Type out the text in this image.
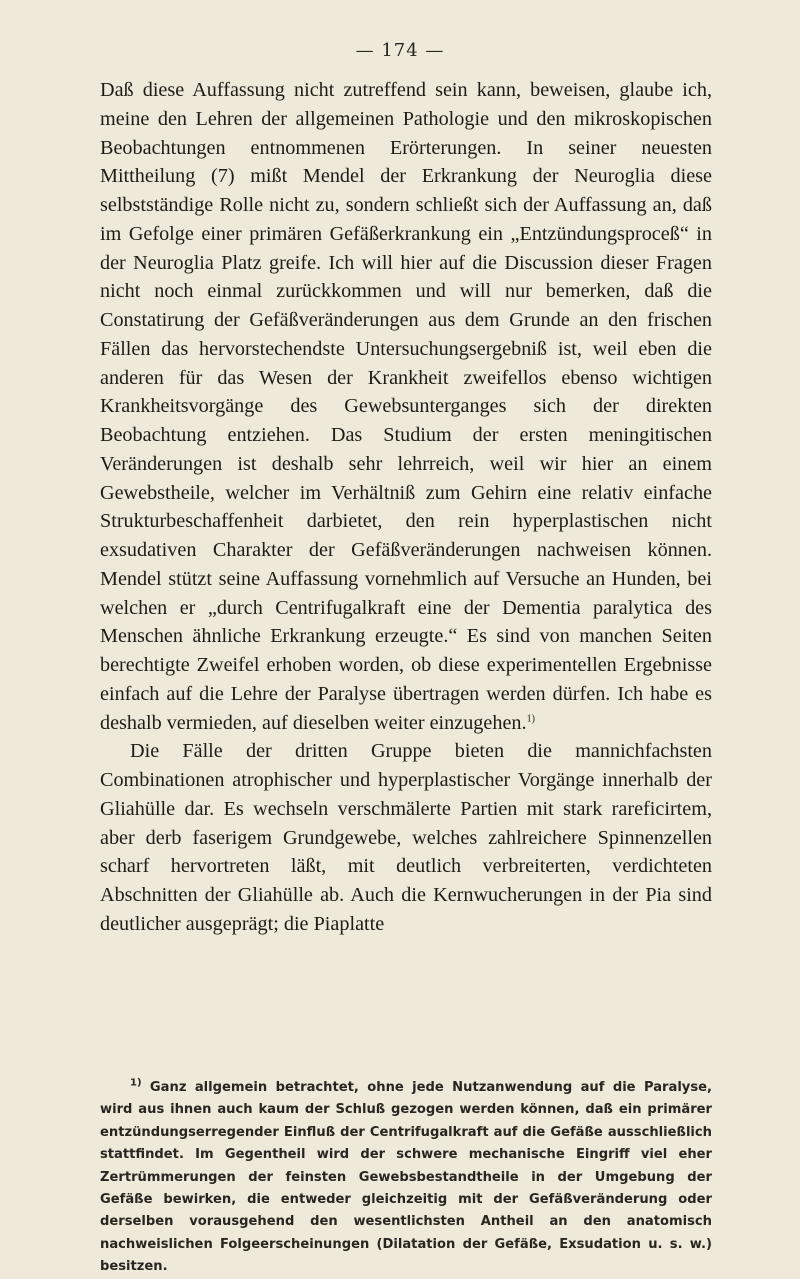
— 174 —

Daß diese Auffassung nicht zutreffend sein kann, beweisen, glaube ich, meine den Lehren der allgemeinen Pathologie und den mikroskopischen Beobachtungen entnommenen Erörterungen. In seiner neuesten Mittheilung (7) mißt Mendel der Erkrankung der Neuroglia diese selbstständige Rolle nicht zu, sondern schließt sich der Auffassung an, daß im Gefolge einer primären Gefäßerkrankung ein „Entzündungsproceß“ in der Neuroglia Platz greife. Ich will hier auf die Discussion dieser Fragen nicht noch einmal zurückkommen und will nur bemerken, daß die Constatirung der Gefäßveränderungen aus dem Grunde an den frischen Fällen das hervorstechendste Untersuchungsergebniß ist, weil eben die anderen für das Wesen der Krankheit zweifellos ebenso wichtigen Krankheitsvorgänge des Gewebsunterganges sich der direkten Beobachtung entziehen. Das Studium der ersten meningitischen Veränderungen ist deshalb sehr lehrreich, weil wir hier an einem Gewebstheile, welcher im Verhältniß zum Gehirn eine relativ einfache Strukturbeschaffenheit darbietet, den rein hyperplastischen nicht exsudativen Charakter der Gefäßveränderungen nachweisen können. Mendel stützt seine Auffassung vornehmlich auf Versuche an Hunden, bei welchen er „durch Centrifugalkraft eine der Dementia paralytica des Menschen ähnliche Erkrankung erzeugte.“ Es sind von manchen Seiten berechtigte Zweifel erhoben worden, ob diese experimentellen Ergebnisse einfach auf die Lehre der Paralyse übertragen werden dürfen. Ich habe es deshalb vermieden, auf dieselben weiter einzugehen.$^{1)}$

Die Fälle der dritten Gruppe bieten die mannichfachsten Combinationen atrophischer und hyperplastischer Vorgänge innerhalb der Gliahülle dar. Es wechseln verschmälerte Partien mit stark rareficirtem, aber derb faserigem Grundgewebe, welches zahlreichere Spinnenzellen scharf hervortreten läßt, mit deutlich verbreiterten, verdichteten Abschnitten der Gliahülle ab. Auch die Kernwucherungen in der Pia sind deutlicher ausgeprägt; die Piaplatte

$^{1)}$ Ganz allgemein betrachtet, ohne jede Nutzanwendung auf die Paralyse, wird aus ihnen auch kaum der Schluß gezogen werden können, daß ein primärer entzündungserregender Einfluß der Centrifugalkraft auf die Gefäße ausschließlich stattfindet. Im Gegentheil wird der schwere mechanische Eingriff viel eher Zertrümmerungen der feinsten Gewebsbestandtheile in der Umgebung der Gefäße bewirken, die entweder gleichzeitig mit der Gefäßveränderung oder derselben vorausgehend den wesentlichsten Antheil an den anatomisch nachweislichen Folgeerscheinungen (Dilatation der Gefäße, Exsudation u. s. w.) besitzen.
